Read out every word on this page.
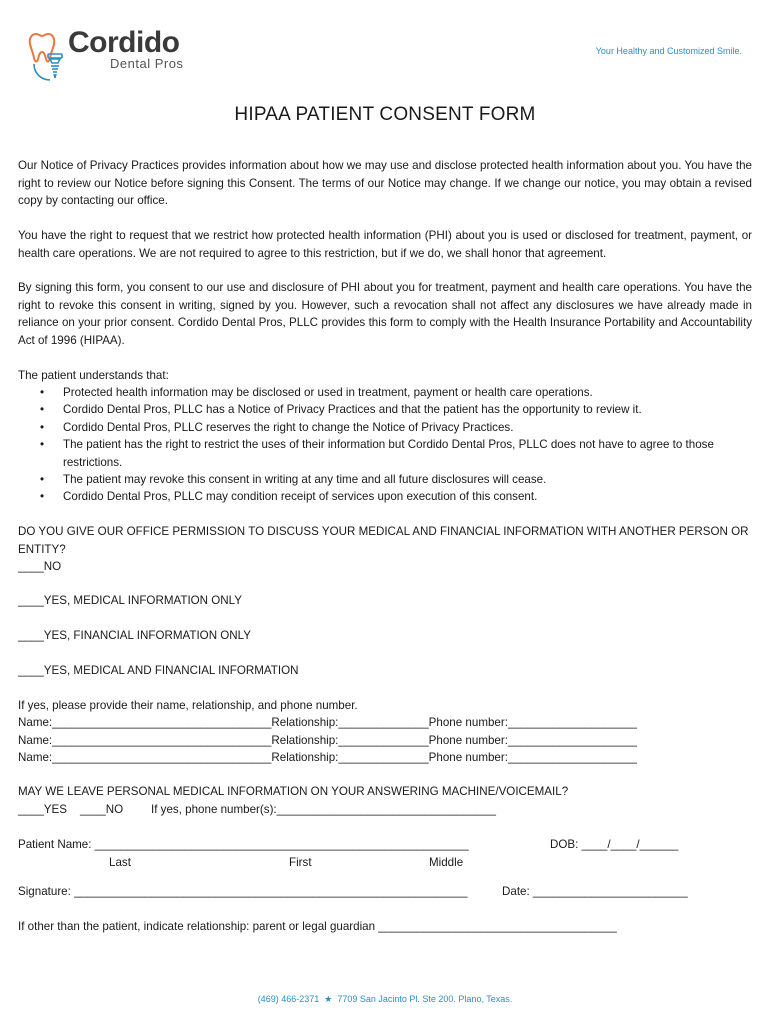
Cordido
Dental Pros
Your Healthy and Customized Smile.
HIPAA PATIENT CONSENT FORM
Our Notice of Privacy Practices provides information about how we may use and disclose protected health information about you. You have the right to review our Notice before signing this Consent. The terms of our Notice may change. If we change our notice, you may obtain a revised copy by contacting our office.
You have the right to request that we restrict how protected health information (PHI) about you is used or disclosed for treatment, payment, or health care operations. We are not required to agree to this restriction, but if we do, we shall honor that agreement.
By signing this form, you consent to our use and disclosure of PHI about you for treatment, payment and health care operations. You have the right to revoke this consent in writing, signed by you. However, such a revocation shall not affect any disclosures we have already made in reliance on your prior consent. Cordido Dental Pros, PLLC provides this form to comply with the Health Insurance Portability and Accountability Act of 1996 (HIPAA).
The patient understands that:
• Protected health information may be disclosed or used in treatment, payment or health care operations.
• Cordido Dental Pros, PLLC has a Notice of Privacy Practices and that the patient has the opportunity to review it.
• Cordido Dental Pros, PLLC reserves the right to change the Notice of Privacy Practices.
• The patient has the right to restrict the uses of their information but Cordido Dental Pros, PLLC does not have to agree to those restrictions.
• The patient may revoke this consent in writing at any time and all future disclosures will cease.
• Cordido Dental Pros, PLLC may condition receipt of services upon execution of this consent.
DO YOU GIVE OUR OFFICE PERMISSION TO DISCUSS YOUR MEDICAL AND FINANCIAL INFORMATION WITH ANOTHER PERSON OR ENTITY?
____NO
____YES, MEDICAL INFORMATION ONLY
____YES, FINANCIAL INFORMATION ONLY
____YES, MEDICAL AND FINANCIAL INFORMATION
If yes, please provide their name, relationship, and phone number.
Name:__________________________________Relationship:______________Phone number:____________________
Name:__________________________________Relationship:______________Phone number:____________________
Name:__________________________________Relationship:______________Phone number:____________________
MAY WE LEAVE PERSONAL MEDICAL INFORMATION ON YOUR ANSWERING MACHINE/VOICEMAIL?
____YES ____NO If yes, phone number(s):__________________________________
Patient Name: __________________________________________________________	DOB: ____/____/______
Last	First	Middle
Signature: _____________________________________________________________	Date: ________________________
If other than the patient, indicate relationship: parent or legal guardian _____________________________________
(469) 466-2371 ★ 7709 San Jacinto Pl. Ste 200. Plano, Texas.
